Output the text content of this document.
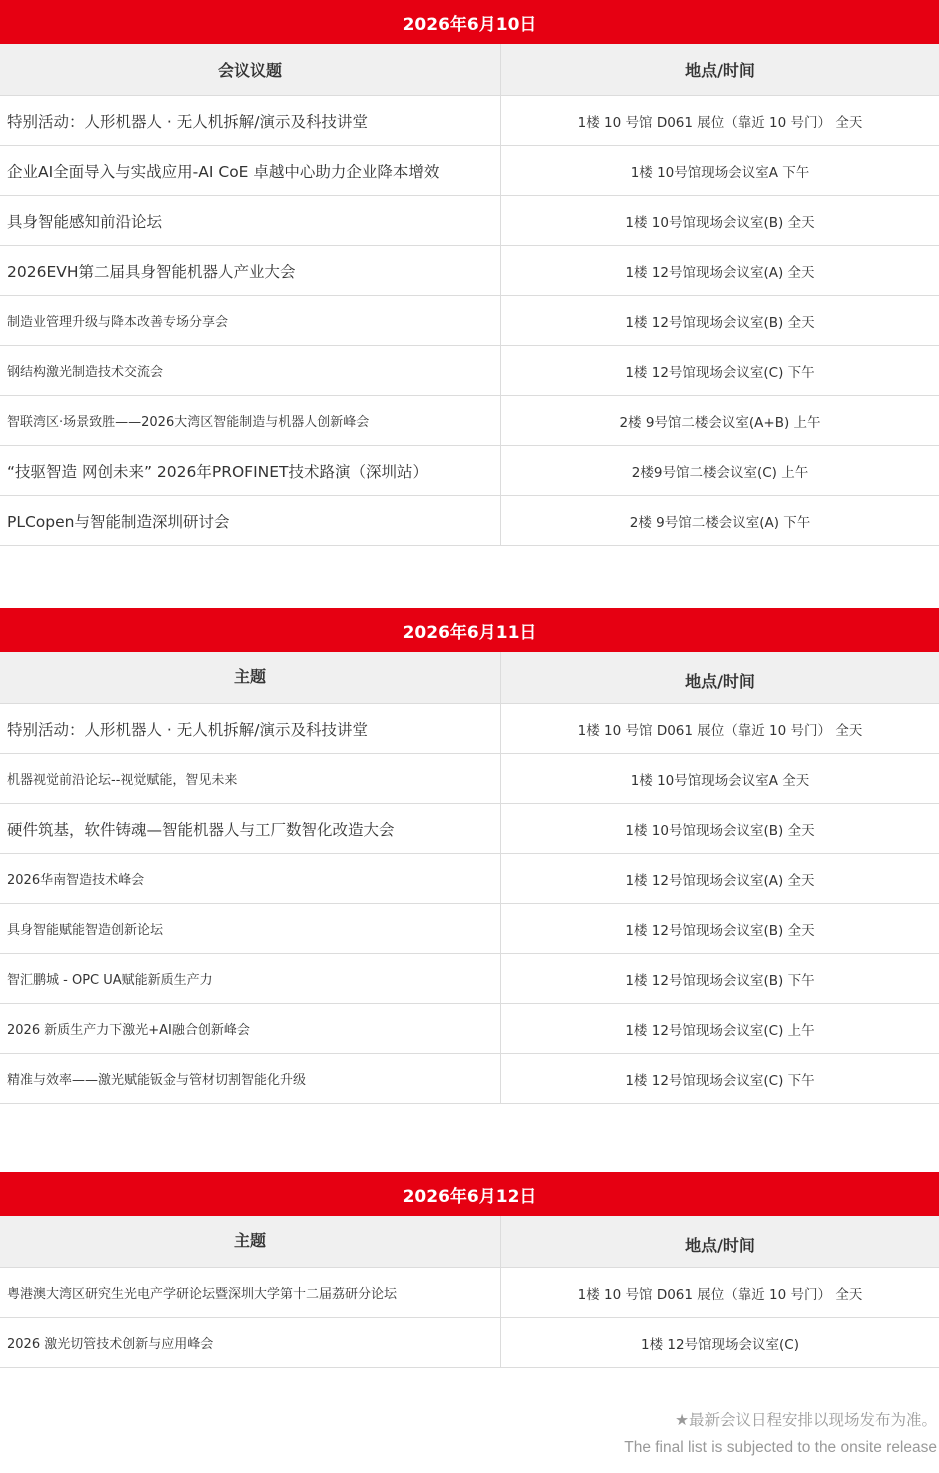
2026年6月10日
会议议题	地点/时间
特别活动：人形机器人 · 无人机拆解/演示及科技讲堂	1楼 10 号馆 D061 展位（靠近 10 号门） 全天
企业AI全面导入与实战应用-AI CoE 卓越中心助力企业降本增效	1楼 10号馆现场会议室A 下午
具身智能感知前沿论坛	1楼 10号馆现场会议室(B) 全天
2026EVH第二届具身智能机器人产业大会	1楼 12号馆现场会议室(A) 全天
制造业管理升级与降本改善专场分享会	1楼 12号馆现场会议室(B) 全天
钢结构激光制造技术交流会	1楼 12号馆现场会议室(C) 下午
智联湾区·场景致胜——2026大湾区智能制造与机器人创新峰会	2楼 9号馆二楼会议室(A+B) 上午
“技驱智造 网创未来” 2026年PROFINET技术路演（深圳站）	2楼9号馆二楼会议室(C) 上午
PLCopen与智能制造深圳研讨会	2楼 9号馆二楼会议室(A) 下午
2026年6月11日
主题	地点/时间
特别活动：人形机器人 · 无人机拆解/演示及科技讲堂	1楼 10 号馆 D061 展位（靠近 10 号门） 全天
机器视觉前沿论坛--视觉赋能，智见未来	1楼 10号馆现场会议室A 全天
硬件筑基，软件铸魂—智能机器人与工厂数智化改造大会	1楼 10号馆现场会议室(B) 全天
2026华南智造技术峰会	1楼 12号馆现场会议室(A) 全天
具身智能赋能智造创新论坛	1楼 12号馆现场会议室(B) 全天
智汇鹏城 - OPC UA赋能新质生产力	1楼 12号馆现场会议室(B) 下午
2026 新质生产力下激光+AI融合创新峰会	1楼 12号馆现场会议室(C) 上午
精准与效率——激光赋能钣金与管材切割智能化升级	1楼 12号馆现场会议室(C) 下午
2026年6月12日
主题	地点/时间
粤港澳大湾区研究生光电产学研论坛暨深圳大学第十二届荔研分论坛	1楼 10 号馆 D061 展位（靠近 10 号门） 全天
2026 激光切管技术创新与应用峰会	1楼 12号馆现场会议室(C)
★最新会议日程安排以现场发布为准。
The final list is subjected to the onsite release
